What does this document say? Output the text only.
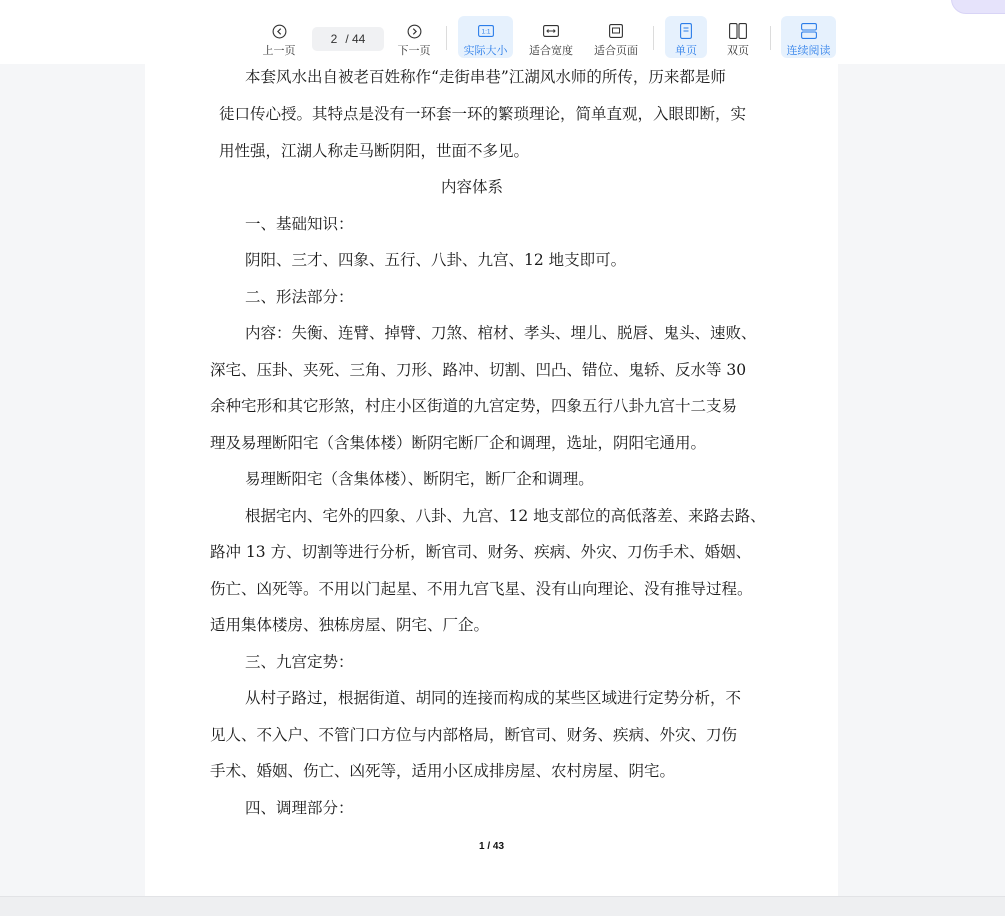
上一页
2 / 44
下一页
1:1
实际大小 适合宽度 适合页面	单页	双页	连续阅读
本套风水出自被老百姓称作“走街串巷”江湖风水师的所传，历来都是师
徒口传心授。其特点是没有一环套一环的繁琐理论，简单直观，入眼即断，实
用性强，江湖人称走马断阴阳，世面不多见。
内容体系
一、基础知识：
阴阳、三才、四象、五行、八卦、九宫、12 地支即可。
二、形法部分：
内容：失衡、连臂、掉臂、刀煞、棺材、孝头、埋儿、脱唇、鬼头、速败、
深宅、压卦、夹死、三角、刀形、路冲、切割、凹凸、错位、鬼轿、反水等 30
余种宅形和其它形煞，村庄小区街道的九宫定势，四象五行八卦九宫十二支易
理及易理断阳宅（含集体楼）断阴宅断厂企和调理，选址，阴阳宅通用。
易理断阳宅（含集体楼）、断阴宅，断厂企和调理。
根据宅内、宅外的四象、八卦、九宫、12 地支部位的高低落差、来路去路、
路冲 13 方、切割等进行分析，断官司、财务、疾病、外灾、刀伤手术、婚姻、
伤亡、凶死等。不用以门起星、不用九宫飞星、没有山向理论、没有推导过程。
适用集体楼房、独栋房屋、阴宅、厂企。
三、九宫定势：
从村子路过，根据街道、胡同的连接而构成的某些区域进行定势分析，不
见人、不入户、不管门口方位与内部格局，断官司、财务、疾病、外灾、刀伤
手术、婚姻、伤亡、凶死等，适用小区成排房屋、农村房屋、阴宅。
四、调理部分：
1 / 43
